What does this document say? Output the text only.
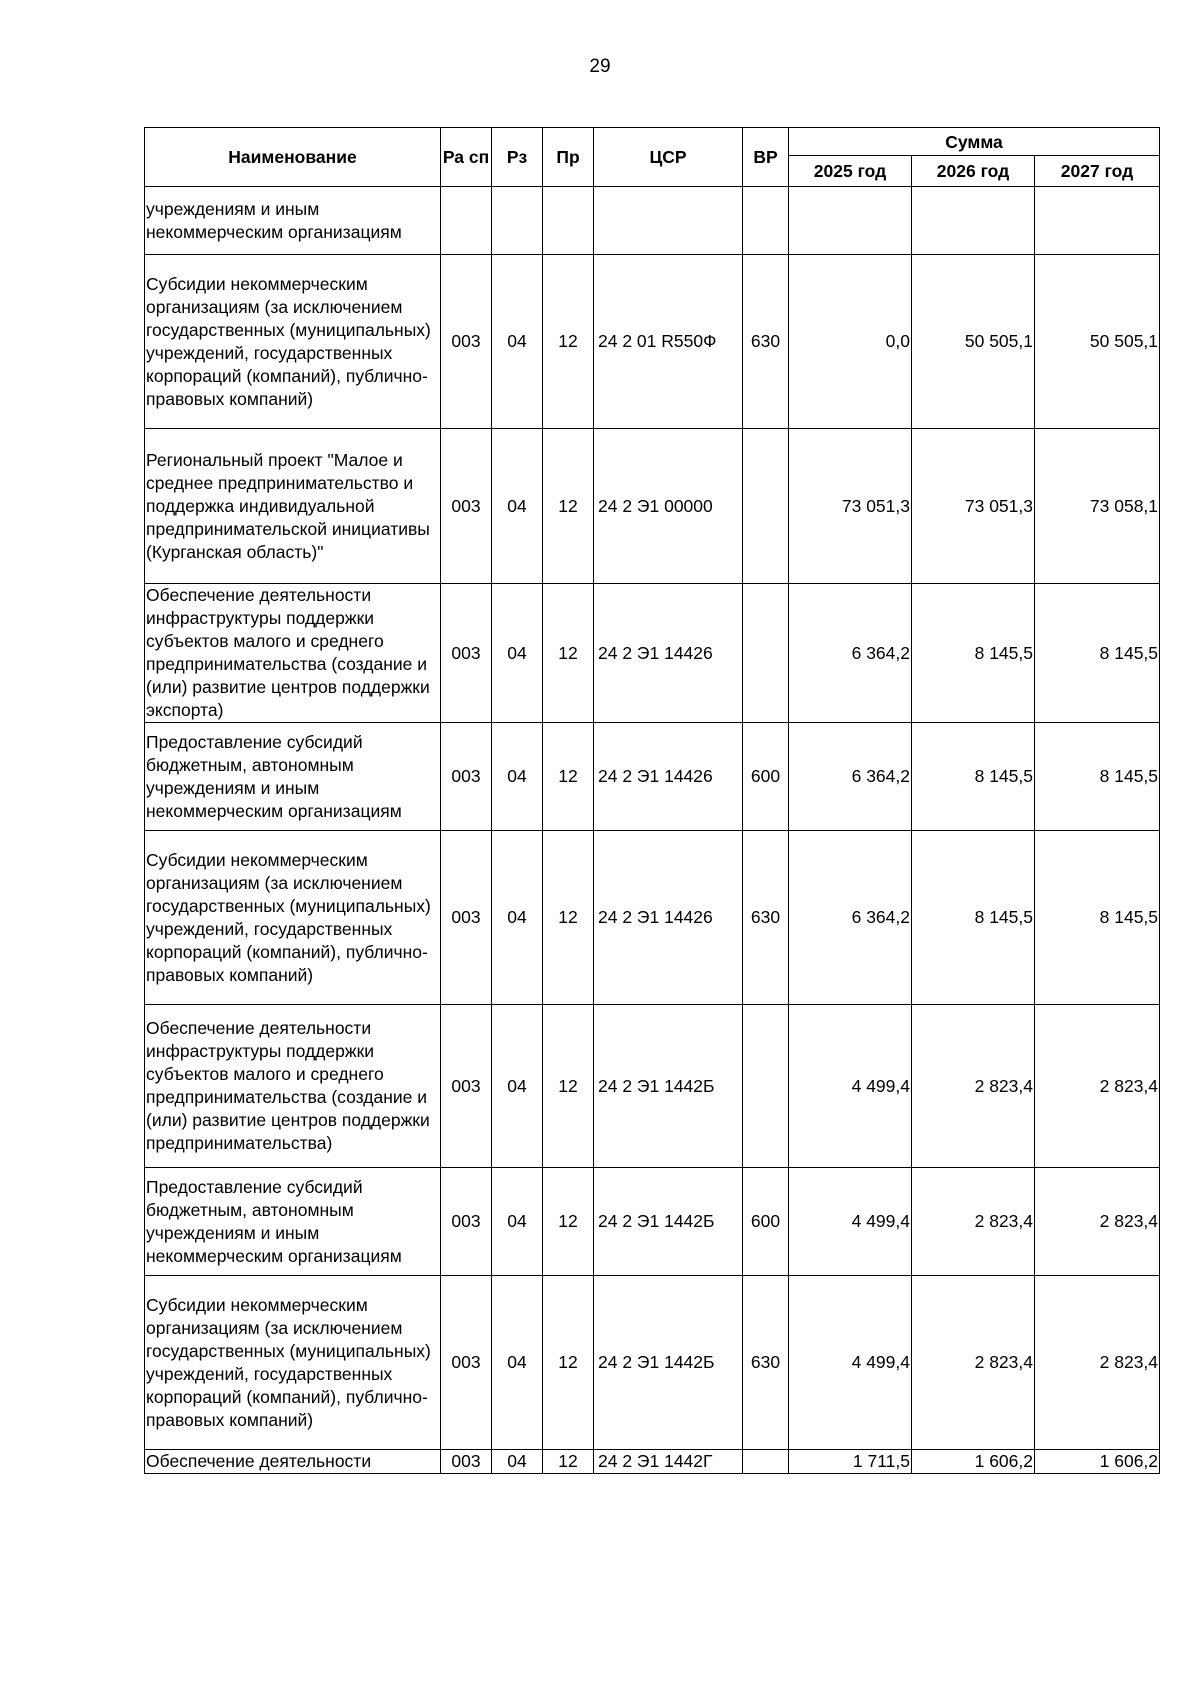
29
Наименование	Ра сп	Рз	Пр	ЦСР	ВР	Сумма		
						2025 год	2026 год	2027 год
учреждениям и иным некоммерческим организациям								
Субсидии некоммерческим организациям (за исключением государственных (муниципальных) учреждений, государственных корпораций (компаний), публично-правовых компаний)	003	04	12	24 2 01 R550Ф	630	0,0	50 505,1	50 505,1
Региональный проект "Малое и среднее предпринимательство и поддержка индивидуальной предпринимательской инициативы (Курганская область)"	003	04	12	24 2 Э1 00000		73 051,3	73 051,3	73 058,1
Обеспечение деятельности инфраструктуры поддержки субъектов малого и среднего предпринимательства (создание и (или) развитие центров поддержки экспорта)	003	04	12	24 2 Э1 14426		6 364,2	8 145,5	8 145,5
Предоставление субсидий бюджетным, автономным учреждениям и иным некоммерческим организациям	003	04	12	24 2 Э1 14426	600	6 364,2	8 145,5	8 145,5
Субсидии некоммерческим организациям (за исключением государственных (муниципальных) учреждений, государственных корпораций (компаний), публично-правовых компаний)	003	04	12	24 2 Э1 14426	630	6 364,2	8 145,5	8 145,5
Обеспечение деятельности инфраструктуры поддержки субъектов малого и среднего предпринимательства (создание и (или) развитие центров поддержки предпринимательства)	003	04	12	24 2 Э1 1442Б		4 499,4	2 823,4	2 823,4
Предоставление субсидий бюджетным, автономным учреждениям и иным некоммерческим организациям	003	04	12	24 2 Э1 1442Б	600	4 499,4	2 823,4	2 823,4
Субсидии некоммерческим организациям (за исключением государственных (муниципальных) учреждений, государственных корпораций (компаний), публично-правовых компаний)	003	04	12	24 2 Э1 1442Б	630	4 499,4	2 823,4	2 823,4
Обеспечение деятельности	003	04	12	24 2 Э1 1442Г		1 711,5	1 606,2	1 606,2
